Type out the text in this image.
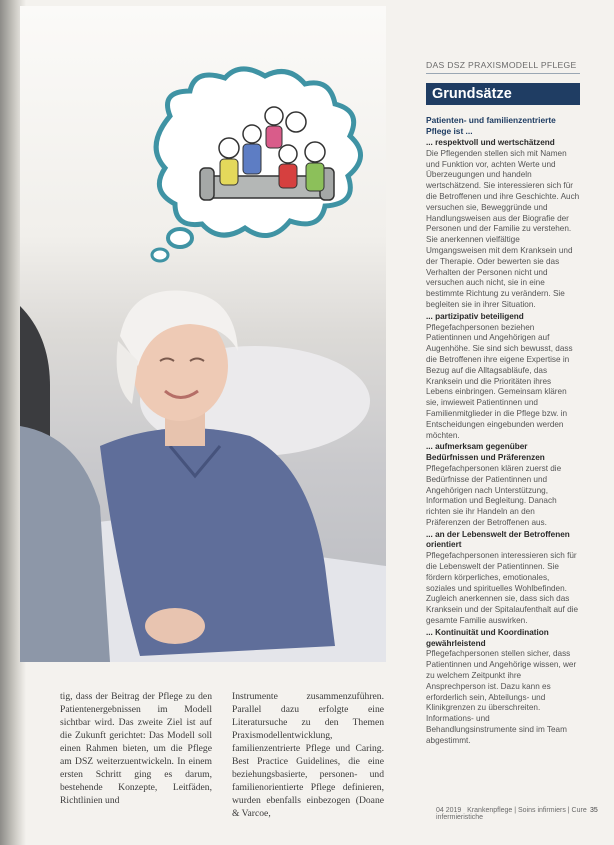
tig, dass der Beitrag der Pflege zu den Patientenergebnissen im Modell sichtbar wird. Das zweite Ziel ist auf die Zukunft gerichtet: Das Modell soll einen Rahmen bieten, um die Pflege am DSZ weiterzuentwickeln. In einem ersten Schritt ging es darum, bestehende Konzepte, Leitfäden, Richtlinien und
Instrumente zusammenzuführen. Parallel dazu erfolgte eine Literatursuche zu den Themen Praxismodellentwicklung, familienzentrierte Pflege und Caring. Best Practice Guidelines, die eine beziehungsbasierte, personen- und familienorientierte Pflege definieren, wurden ebenfalls einbezogen (Doane & Varcoe,
DAS DSZ PRAXISMODELL PFLEGE
Grundsätze
Patienten- und familienzentrierte Pflege ist ...
... respektvoll und wertschätzend

Die Pflegenden stellen sich mit Namen und Funktion vor, achten Werte und Überzeugungen und handeln wertschätzend. Sie interessieren sich für die Betroffenen und ihre Geschichte. Auch versuchen sie, Beweggründe und Handlungsweisen aus der Biografie der Personen und der Familie zu verstehen. Sie anerkennen vielfältige Umgangsweisen mit dem Kranksein und der Therapie. Oder bewerten sie das Verhalten der Personen nicht und versuchen auch nicht, sie in eine bestimmte Richtung zu verändern. Sie begleiten sie in ihrer Situation.

... partizipativ beteiligend

Pflegefachpersonen beziehen Patientinnen und Angehörigen auf Augenhöhe. Sie sind sich bewusst, dass die Betroffenen ihre eigene Expertise in Bezug auf die Alltagsabläufe, das Kranksein und die Prioritäten ihres Lebens einbringen. Gemeinsam klären sie, inwieweit Patientinnen und Familienmitglieder in die Pflege bzw. in Entscheidungen eingebunden werden möchten.

... aufmerksam gegenüber Bedürfnissen und Präferenzen

Pflegefachpersonen klären zuerst die Bedürfnisse der Patientinnen und Angehörigen nach Unterstützung, Information und Begleitung. Danach richten sie ihr Handeln an den Präferenzen der Betroffenen aus.

... an der Lebenswelt der Betroffenen orientiert

Pflegefachpersonen interessieren sich für die Lebenswelt der Patientinnen. Sie fördern körperliches, emotionales, soziales und spirituelles Wohlbefinden. Zugleich anerkennen sie, dass sich das Kranksein und der Spitalaufenthalt auf die gesamte Familie auswirken.

... Kontinuität und Koordination gewährleistend

Pflegefachpersonen stellen sicher, dass Patientinnen und Angehörige wissen, wer zu welchem Zeitpunkt ihre Ansprechperson ist. Dazu kann es erforderlich sein, Abteilungs- und Klinikgrenzen zu überschreiten. Informations- und Behandlungsinstrumente sind im Team abgestimmt.

04 2019 Krankenpflege | Soins infirmiers | Cure infermieristiche
35
